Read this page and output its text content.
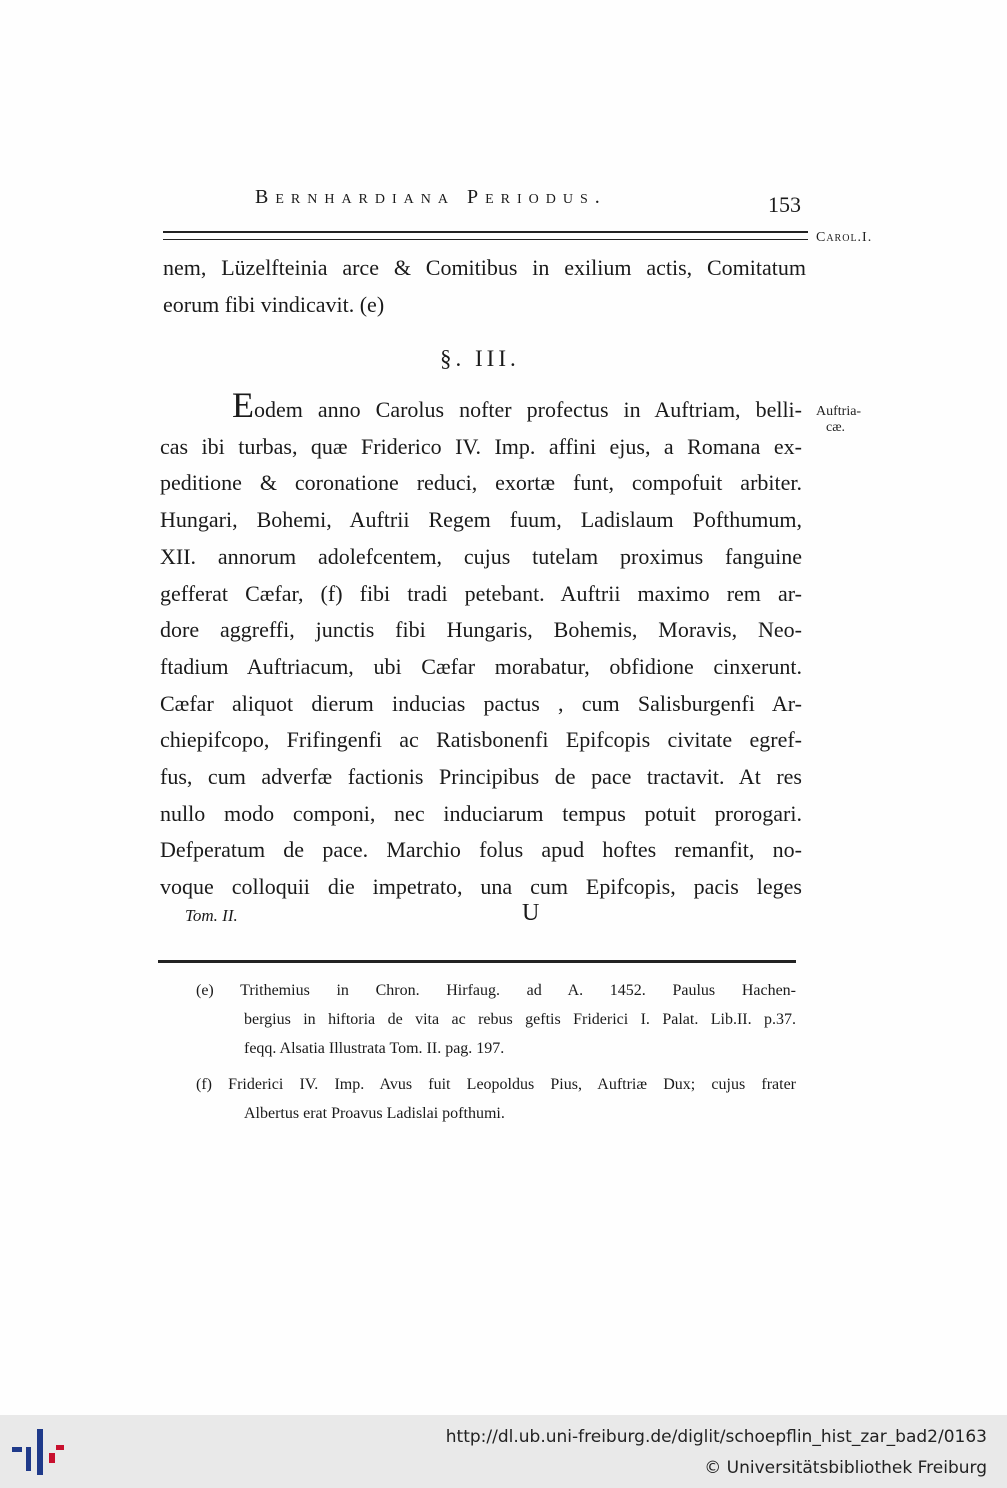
Bernhardiana Periodus.	153
Carol.I.
Auftria-
cæ.
nem, Lüzelfteinia arce & Comitibus in exilium actis, Comitatum
eorum fibi vindicavit. (e)
§. III.
Eodem anno Carolus nofter profectus in Auftriam, belli-
cas ibi turbas, quæ Friderico IV. Imp. affini ejus, a Romana ex-
peditione & coronatione reduci, exortæ funt, compofuit arbiter.
Hungari, Bohemi, Auftrii Regem fuum, Ladislaum Pofthumum,
XII. annorum adolefcentem, cujus tutelam proximus fanguine
gefferat Cæfar, (f) fibi tradi petebant. Auftrii maximo rem ar-
dore aggreffi, junctis fibi Hungaris, Bohemis, Moravis, Neo-
ftadium Auftriacum, ubi Cæfar morabatur, obfidione cinxerunt.
Cæfar aliquot dierum inducias pactus , cum Salisburgenfi Ar-
chiepifcopo, Frifingenfi ac Ratisbonenfi Epifcopis civitate egref-
fus, cum adverfæ factionis Principibus de pace tractavit. At res
nullo modo componi, nec induciarum tempus potuit prorogari.
Defperatum de pace. Marchio folus apud hoftes remanfit, no-
voque colloquii die impetrato, una cum Epifcopis, pacis leges
Tom. II.	U
(e) Trithemius in Chron. Hirfaug. ad A. 1452. Paulus Hachen-
bergius in hiftoria de vita ac rebus geftis Friderici I. Palat. Lib.II. p.37.
feqq. Alsatia Illustrata Tom. II. pag. 197.
(f) Friderici IV. Imp. Avus fuit Leopoldus Pius, Auftriæ Dux; cujus frater
Albertus erat Proavus Ladislai pofthumi.
http://dl.ub.uni-freiburg.de/diglit/schoepflin_hist_zar_bad2/0163
© Universitätsbibliothek Freiburg
